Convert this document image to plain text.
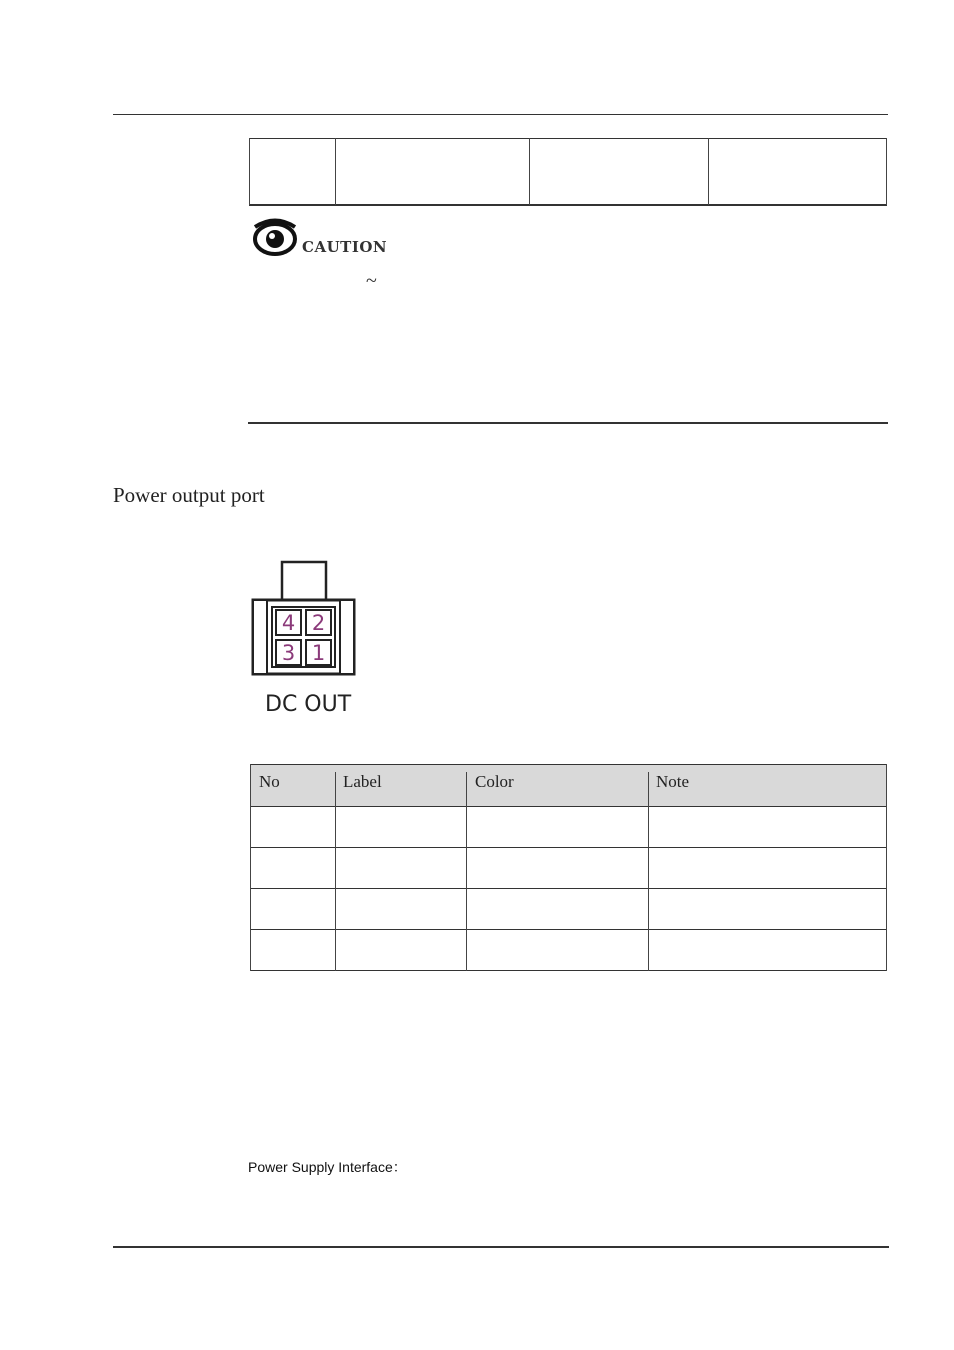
CAUTION
~
Power output port
4 2
3 1
DC OUT
No	Label	Color	Note
Power Supply Interface：
